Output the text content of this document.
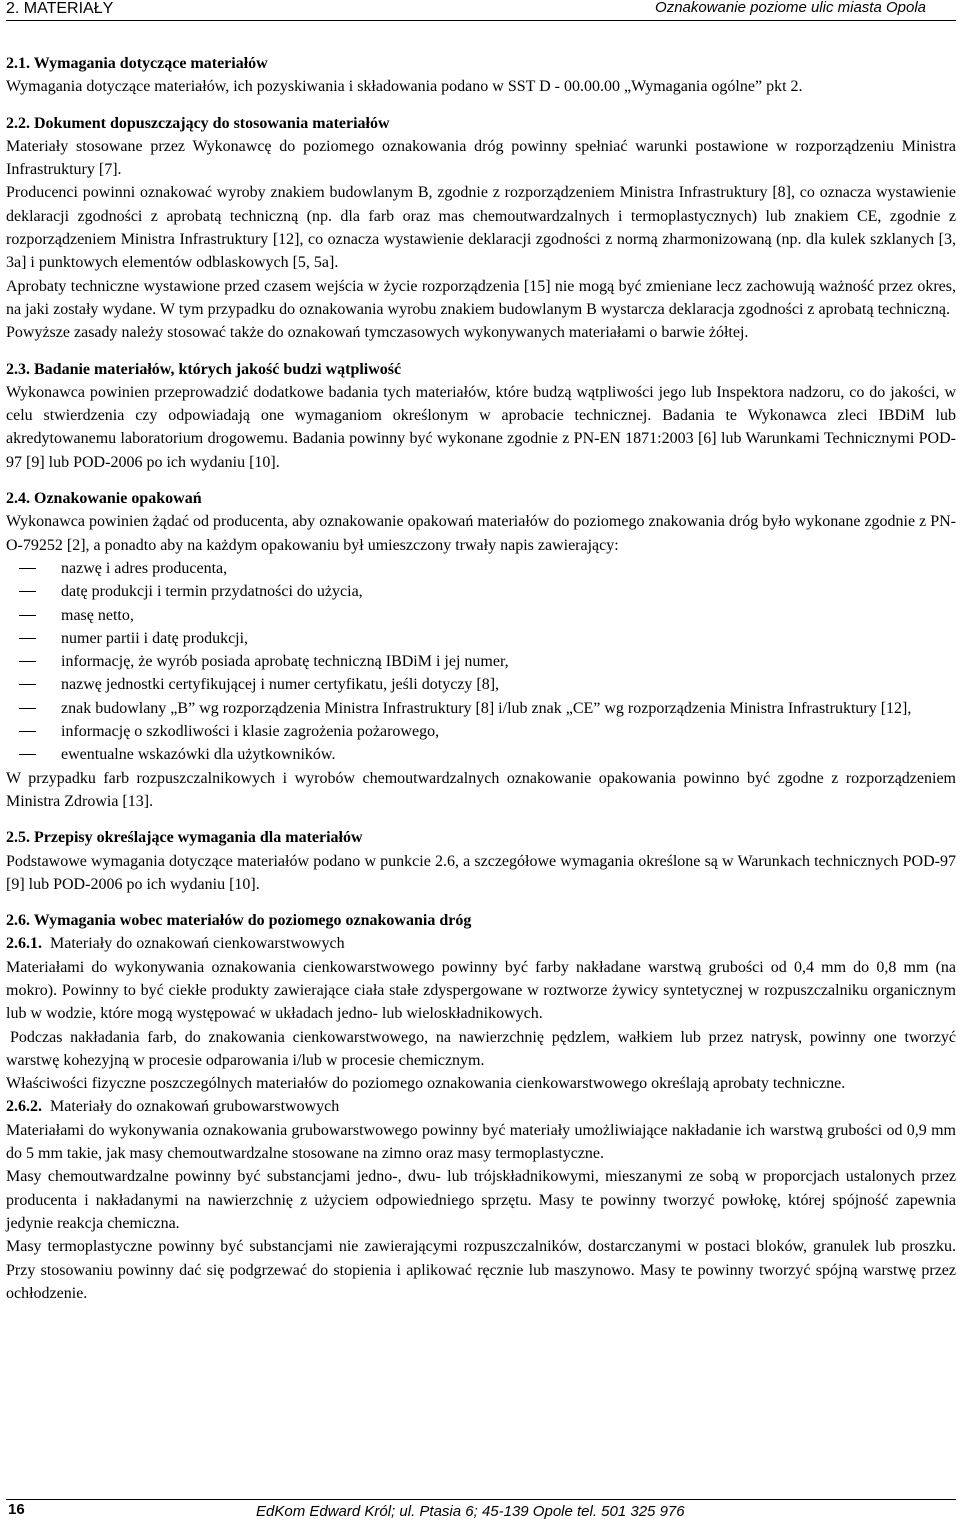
2. MATERIAŁY	Oznakowanie poziome ulic miasta Opola
2.1. Wymagania dotyczące materiałów

Wymagania dotyczące materiałów, ich pozyskiwania i składowania podano w SST D - 00.00.00 „Wymagania ogólne” pkt 2.

2.2. Dokument dopuszczający do stosowania materiałów

Materiały stosowane przez Wykonawcę do poziomego oznakowania dróg powinny spełniać warunki postawione w rozporządzeniu Ministra Infrastruktury [7].

Producenci powinni oznakować wyroby znakiem budowlanym B, zgodnie z rozporządzeniem Ministra Infrastruktury [8], co oznacza wystawienie deklaracji zgodności z aprobatą techniczną (np. dla farb oraz mas chemoutwardzalnych i termoplastycznych) lub znakiem CE, zgodnie z rozporządzeniem Ministra Infrastruktury [12], co oznacza wystawienie deklaracji zgodności z normą zharmonizowaną (np. dla kulek szklanych [3, 3a] i punktowych elementów odblaskowych [5, 5a].

Aprobaty techniczne wystawione przed czasem wejścia w życie rozporządzenia [15] nie mogą być zmieniane lecz zachowują ważność przez okres, na jaki zostały wydane. W tym przypadku do oznakowania wyrobu znakiem budowlanym B wystarcza deklaracja zgodności z aprobatą techniczną.

Powyższe zasady należy stosować także do oznakowań tymczasowych wykonywanych materiałami o barwie żółtej.

2.3. Badanie materiałów, których jakość budzi wątpliwość

Wykonawca powinien przeprowadzić dodatkowe badania tych materiałów, które budzą wątpliwości jego lub Inspektora nadzoru, co do jakości, w celu stwierdzenia czy odpowiadają one wymaganiom określonym w aprobacie technicznej. Badania te Wykonawca zleci IBDiM lub akredytowanemu laboratorium drogowemu. Badania powinny być wykonane zgodnie z PN-EN 1871:2003 [6] lub Warunkami Technicznymi POD-97 [9] lub POD-2006 po ich wydaniu [10].

2.4. Oznakowanie opakowań

Wykonawca powinien żądać od producenta, aby oznakowanie opakowań materiałów do poziomego znakowania dróg było wykonane zgodnie z PN-O-79252 [2], a ponadto aby na każdym opakowaniu był umieszczony trwały napis zawierający:

nazwę i adres producenta,
datę produkcji i termin przydatności do użycia,
masę netto,
numer partii i datę produkcji,
informację, że wyrób posiada aprobatę techniczną IBDiM i jej numer,
nazwę jednostki certyfikującej i numer certyfikatu, jeśli dotyczy [8],
znak budowlany „B” wg rozporządzenia Ministra Infrastruktury [8] i/lub znak „CE” wg rozporządzenia Ministra Infrastruktury [12],
informację o szkodliwości i klasie zagrożenia pożarowego,
ewentualne wskazówki dla użytkowników.

W przypadku farb rozpuszczalnikowych i wyrobów chemoutwardzalnych oznakowanie opakowania powinno być zgodne z rozporządzeniem Ministra Zdrowia [13].

2.5. Przepisy określające wymagania dla materiałów

Podstawowe wymagania dotyczące materiałów podano w punkcie 2.6, a szczegółowe wymagania określone są w Warunkach technicznych POD-97 [9] lub POD-2006 po ich wydaniu [10].

2.6. Wymagania wobec materiałów do poziomego oznakowania dróg
2.6.1. Materiały do oznakowań cienkowarstwowych

Materiałami do wykonywania oznakowania cienkowarstwowego powinny być farby nakładane warstwą grubości od 0,4 mm do 0,8 mm (na mokro). Powinny to być ciekłe produkty zawierające ciała stałe zdyspergowane w roztworze żywicy syntetycznej w rozpuszczalniku organicznym lub w wodzie, które mogą występować w układach jedno- lub wieloskładnikowych.

Podczas nakładania farb, do znakowania cienkowarstwowego, na nawierzchnię pędzlem, wałkiem lub przez natrysk, powinny one tworzyć warstwę kohezyjną w procesie odparowania i/lub w procesie chemicznym.

Właściwości fizyczne poszczególnych materiałów do poziomego oznakowania cienkowarstwowego określają aprobaty techniczne.

2.6.2. Materiały do oznakowań grubowarstwowych

Materiałami do wykonywania oznakowania grubowarstwowego powinny być materiały umożliwiające nakładanie ich warstwą grubości od 0,9 mm do 5 mm takie, jak masy chemoutwardzalne stosowane na zimno oraz masy termoplastyczne.

Masy chemoutwardzalne powinny być substancjami jedno-, dwu- lub trójskładnikowymi, mieszanymi ze sobą w proporcjach ustalonych przez producenta i nakładanymi na nawierzchnię z użyciem odpowiedniego sprzętu. Masy te powinny tworzyć powłokę, której spójność zapewnia jedynie reakcja chemiczna.

Masy termoplastyczne powinny być substancjami nie zawierającymi rozpuszczalników, dostarczanymi w postaci bloków, granulek lub proszku. Przy stosowaniu powinny dać się podgrzewać do stopienia i aplikować ręcznie lub maszynowo. Masy te powinny tworzyć spójną warstwę przez ochłodzenie.

16	EdKom Edward Król; ul. Ptasia 6; 45-139 Opole tel. 501 325 976
